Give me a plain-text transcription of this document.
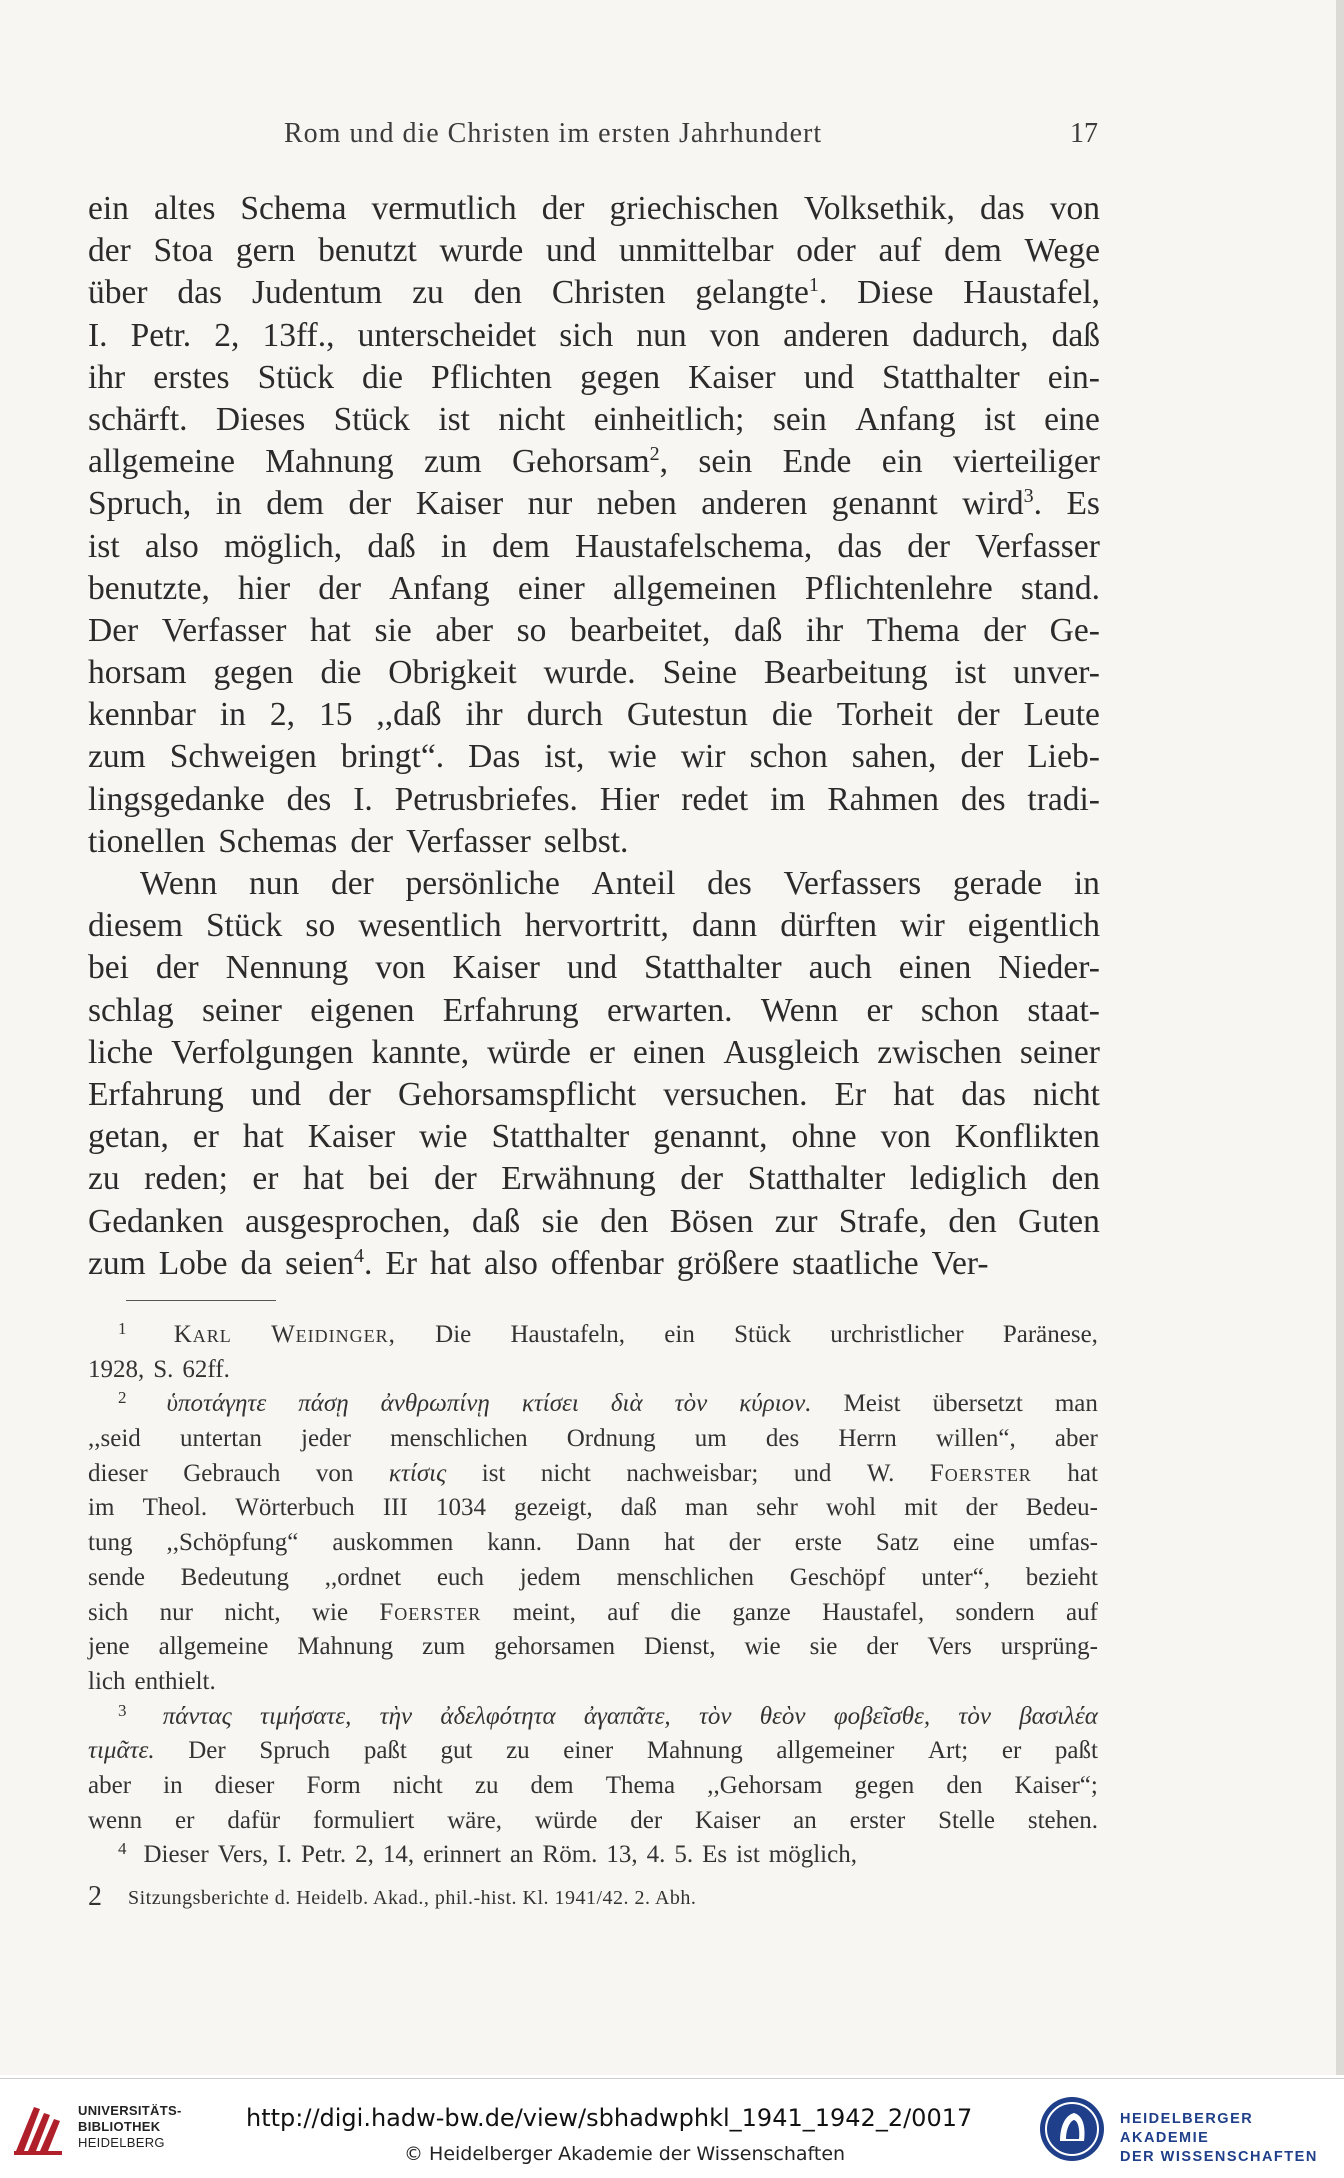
Rom und die Christen im ersten Jahrhundert	17
ein altes Schema vermutlich der griechischen Volksethik, das von
der Stoa gern benutzt wurde und unmittelbar oder auf dem Wege
über das Judentum zu den Christen gelangte$^1$. Diese Haustafel,
I. Petr. 2, 13ff., unterscheidet sich nun von anderen dadurch, daß
ihr erstes Stück die Pflichten gegen Kaiser und Statthalter ein-
schärft. Dieses Stück ist nicht einheitlich; sein Anfang ist eine
allgemeine Mahnung zum Gehorsam$^2$, sein Ende ein vierteiliger
Spruch, in dem der Kaiser nur neben anderen genannt wird$^3$. Es
ist also möglich, daß in dem Haustafelschema, das der Verfasser
benutzte, hier der Anfang einer allgemeinen Pflichtenlehre stand.
Der Verfasser hat sie aber so bearbeitet, daß ihr Thema der Ge-
horsam gegen die Obrigkeit wurde. Seine Bearbeitung ist unver-
kennbar in 2, 15 ,,daß ihr durch Gutestun die Torheit der Leute
zum Schweigen bringt“. Das ist, wie wir schon sahen, der Lieb-
lingsgedanke des I. Petrusbriefes. Hier redet im Rahmen des tradi-
tionellen Schemas der Verfasser selbst.
Wenn nun der persönliche Anteil des Verfassers gerade in
diesem Stück so wesentlich hervortritt, dann dürften wir eigentlich
bei der Nennung von Kaiser und Statthalter auch einen Nieder-
schlag seiner eigenen Erfahrung erwarten. Wenn er schon staat-
liche Verfolgungen kannte, würde er einen Ausgleich zwischen seiner
Erfahrung und der Gehorsamspflicht versuchen. Er hat das nicht
getan, er hat Kaiser wie Statthalter genannt, ohne von Konflikten
zu reden; er hat bei der Erwähnung der Statthalter lediglich den
Gedanken ausgesprochen, daß sie den Bösen zur Strafe, den Guten
zum Lobe da seien$^4$. Er hat also offenbar größere staatliche Ver-
$^1$	Karl Weidinger, Die Haustafeln, ein Stück urchristlicher Paränese,
1928, S. 62ff.
$^2$	ὑποτάγητε πάσῃ ἀνθρωπίνῃ κτίσει διὰ τὸν κύριον. Meist übersetzt man
,,seid untertan jeder menschlichen Ordnung um des Herrn willen“, aber
dieser Gebrauch von κτίσις ist nicht nachweisbar; und W. Foerster hat
im Theol. Wörterbuch III 1034 gezeigt, daß man sehr wohl mit der Bedeu-
tung ,,Schöpfung“ auskommen kann. Dann hat der erste Satz eine umfas-
sende Bedeutung ,,ordnet euch jedem menschlichen Geschöpf unter“, bezieht
sich nur nicht, wie Foerster meint, auf die ganze Haustafel, sondern auf
jene allgemeine Mahnung zum gehorsamen Dienst, wie sie der Vers ursprüng-
lich enthielt.
$^3$	πάντας τιμήσατε, τὴν ἀδελφότητα ἀγαπᾶτε, τὸν θεὸν φοβεῖσθε, τὸν βασιλέα
τιμᾶτε. Der Spruch paßt gut zu einer Mahnung allgemeiner Art; er paßt
aber in dieser Form nicht zu dem Thema ,,Gehorsam gegen den Kaiser“;
wenn er dafür formuliert wäre, würde der Kaiser an erster Stelle stehen.
$^4$ Dieser Vers, I. Petr. 2, 14, erinnert an Röm. 13, 4. 5. Es ist möglich,
2 Sitzungsberichte d. Heidelb. Akad., phil.-hist. Kl. 1941/42. 2. Abh.
UNIVERSITÄTS-
BIBLIOTHEK
HEIDELBERG
http://digi.hadw-bw.de/view/sbhadwphkl_1941_1942_2/0017
© Heidelberger Akademie der Wissenschaften
HEIDELBERGER AKADEMIE
DER WISSENSCHAFTEN
